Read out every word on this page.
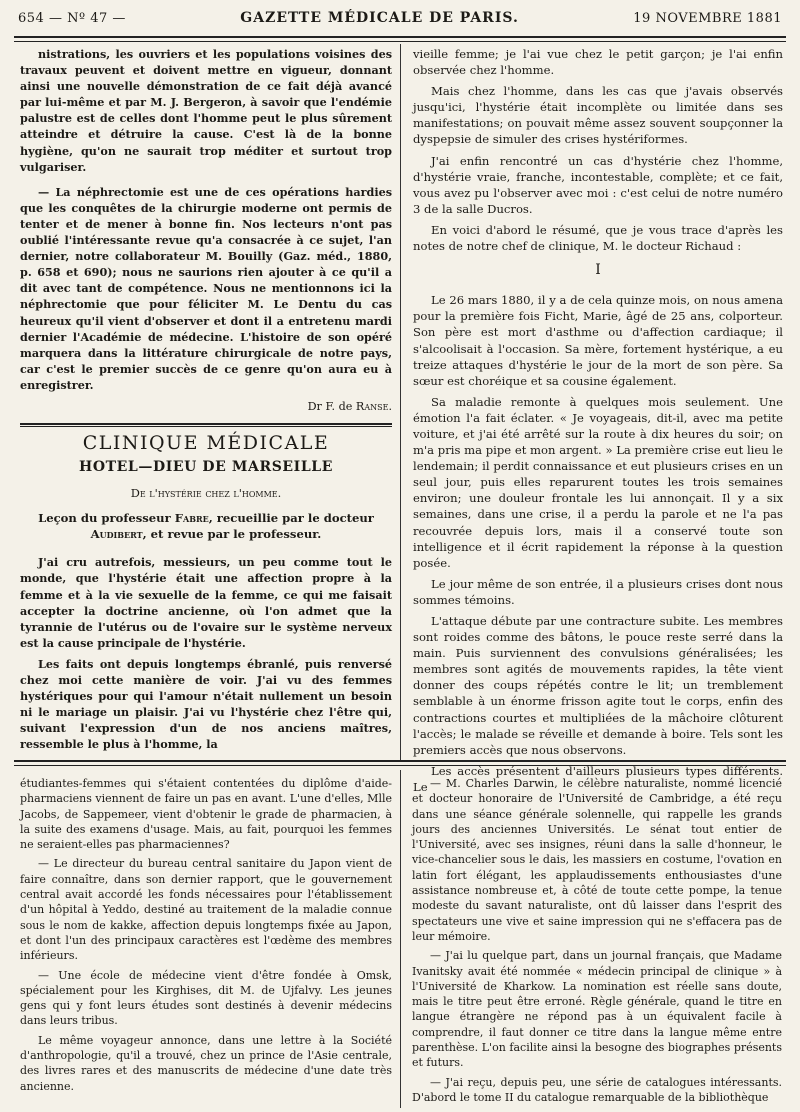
654 — Nº 47 —	GAZETTE MÉDICALE DE PARIS.	19 NOVEMBRE 1881

nistrations, les ouvriers et les populations voisines des travaux peuvent et doivent mettre en vigueur, donnant ainsi une nouvelle démonstration de ce fait déjà avancé par lui-même et par M. J. Bergeron, à savoir que l'endémie palustre est de celles dont l'homme peut le plus sûrement atteindre et détruire la cause. C'est là de la bonne hygiène, qu'on ne saurait trop méditer et surtout trop vulgariser.

— La néphrectomie est une de ces opérations hardies que les conquêtes de la chirurgie moderne ont permis de tenter et de mener à bonne fin. Nos lecteurs n'ont pas oublié l'intéressante revue qu'a consacrée à ce sujet, l'an dernier, notre collaborateur M. Bouilly (Gaz. méd., 1880, p. 658 et 690); nous ne saurions rien ajouter à ce qu'il a dit avec tant de compétence. Nous ne mentionnons ici la néphrectomie que pour féliciter M. Le Dentu du cas heureux qu'il vient d'observer et dont il a entretenu mardi dernier l'Académie de médecine. L'histoire de son opéré marquera dans la littérature chirurgicale de notre pays, car c'est le premier succès de ce genre qu'on aura eu à enregistrer.

Dr F. de Ranse.
CLINIQUE MÉDICALE
HOTEL—DIEU DE MARSEILLE
De l'hystérie chez l'homme.
Leçon du professeur Fabre, recueillie par le docteur Audibert, et revue par le professeur.

J'ai cru autrefois, messieurs, un peu comme tout le monde, que l'hystérie était une affection propre à la femme et à la vie sexuelle de la femme, ce qui me faisait accepter la doctrine ancienne, où l'on admet que la tyrannie de l'utérus ou de l'ovaire sur le système nerveux est la cause principale de l'hystérie.

Les faits ont depuis longtemps ébranlé, puis renversé chez moi cette manière de voir. J'ai vu des femmes hystériques pour qui l'amour n'était nullement un besoin ni le mariage un plaisir. J'ai vu l'hystérie chez l'être qui, suivant l'expression d'un de nos anciens maîtres, ressemble le plus à l'homme, la

vieille femme; je l'ai vue chez le petit garçon; je l'ai enfin observée chez l'homme.

Mais chez l'homme, dans les cas que j'avais observés jusqu'ici, l'hystérie était incomplète ou limitée dans ses manifestations; on pouvait même assez souvent soupçonner la dyspepsie de simuler des crises hystériformes.

J'ai enfin rencontré un cas d'hystérie chez l'homme, d'hystérie vraie, franche, incontestable, complète; et ce fait, vous avez pu l'observer avec moi : c'est celui de notre numéro 3 de la salle Ducros.

En voici d'abord le résumé, que je vous trace d'après les notes de notre chef de clinique, M. le docteur Richaud :

I

Le 26 mars 1880, il y a de cela quinze mois, on nous amena pour la première fois Ficht, Marie, âgé de 25 ans, colporteur. Son père est mort d'asthme ou d'affection cardiaque; il s'alcoolisait à l'occasion. Sa mère, fortement hystérique, a eu treize attaques d'hystérie le jour de la mort de son père. Sa sœur est choréique et sa cousine également.

Sa maladie remonte à quelques mois seulement. Une émotion l'a fait éclater. « Je voyageais, dit-il, avec ma petite voiture, et j'ai été arrêté sur la route à dix heures du soir; on m'a pris ma pipe et mon argent. » La première crise eut lieu le lendemain; il perdit connaissance et eut plusieurs crises en un seul jour, puis elles reparurent toutes les trois semaines environ; une douleur frontale les lui annonçait. Il y a six semaines, dans une crise, il a perdu la parole et ne l'a pas recouvrée depuis lors, mais il a conservé toute son intelligence et il écrit rapidement la réponse à la question posée.

Le jour même de son entrée, il a plusieurs crises dont nous sommes témoins.

L'attaque débute par une contracture subite. Les membres sont roides comme des bâtons, le pouce reste serré dans la main. Puis surviennent des convulsions généralisées; les membres sont agités de mouvements rapides, la tête vient donner des coups répétés contre le lit; un tremblement semblable à un énorme frisson agite tout le corps, enfin des contractions courtes et multipliées de la mâchoire clôturent l'accès; le malade se réveille et demande à boire. Tels sont les premiers accès que nous observons.

Les accès présentent d'ailleurs plusieurs types différents. Le

étudiantes-femmes qui s'étaient contentées du diplôme d'aide-pharmaciens viennent de faire un pas en avant. L'une d'elles, Mlle Jacobs, de Sappemeer, vient d'obtenir le grade de pharmacien, à la suite des examens d'usage. Mais, au fait, pourquoi les femmes ne seraient-elles pas pharmaciennes?

— Le directeur du bureau central sanitaire du Japon vient de faire connaître, dans son dernier rapport, que le gouvernement central avait accordé les fonds nécessaires pour l'établissement d'un hôpital à Yeddo, destiné au traitement de la maladie connue sous le nom de kakke, affection depuis longtemps fixée au Japon, et dont l'un des principaux caractères est l'œdème des membres inférieurs.

— Une école de médecine vient d'être fondée à Omsk, spécialement pour les Kirghises, dit M. de Ujfalvy. Les jeunes gens qui y font leurs études sont destinés à devenir médecins dans leurs tribus.

Le même voyageur annonce, dans une lettre à la Société d'anthropologie, qu'il a trouvé, chez un prince de l'Asie centrale, des livres rares et des manuscrits de médecine d'une date très ancienne.

— M. Charles Darwin, le célèbre naturaliste, nommé licencié et docteur honoraire de l'Université de Cambridge, a été reçu dans une séance générale solennelle, qui rappelle les grands jours des anciennes Universités. Le sénat tout entier de l'Université, avec ses insignes, réuni dans la salle d'honneur, le vice-chancelier sous le dais, les massiers en costume, l'ovation en latin fort élégant, les applaudissements enthousiastes d'une assistance nombreuse et, à côté de toute cette pompe, la tenue modeste du savant naturaliste, ont dû laisser dans l'esprit des spectateurs une vive et saine impression qui ne s'effacera pas de leur mémoire.

— J'ai lu quelque part, dans un journal français, que Madame Ivanitsky avait été nommée « médecin principal de clinique » à l'Université de Kharkow. La nomination est réelle sans doute, mais le titre peut être erroné. Règle générale, quand le titre en langue étrangère ne répond pas à un équivalent facile à comprendre, il faut donner ce titre dans la langue même entre parenthèse. L'on facilite ainsi la besogne des biographes présents et futurs.

— J'ai reçu, depuis peu, une série de catalogues intéressants. D'abord le tome II du catalogue remarquable de la bibliothèque
